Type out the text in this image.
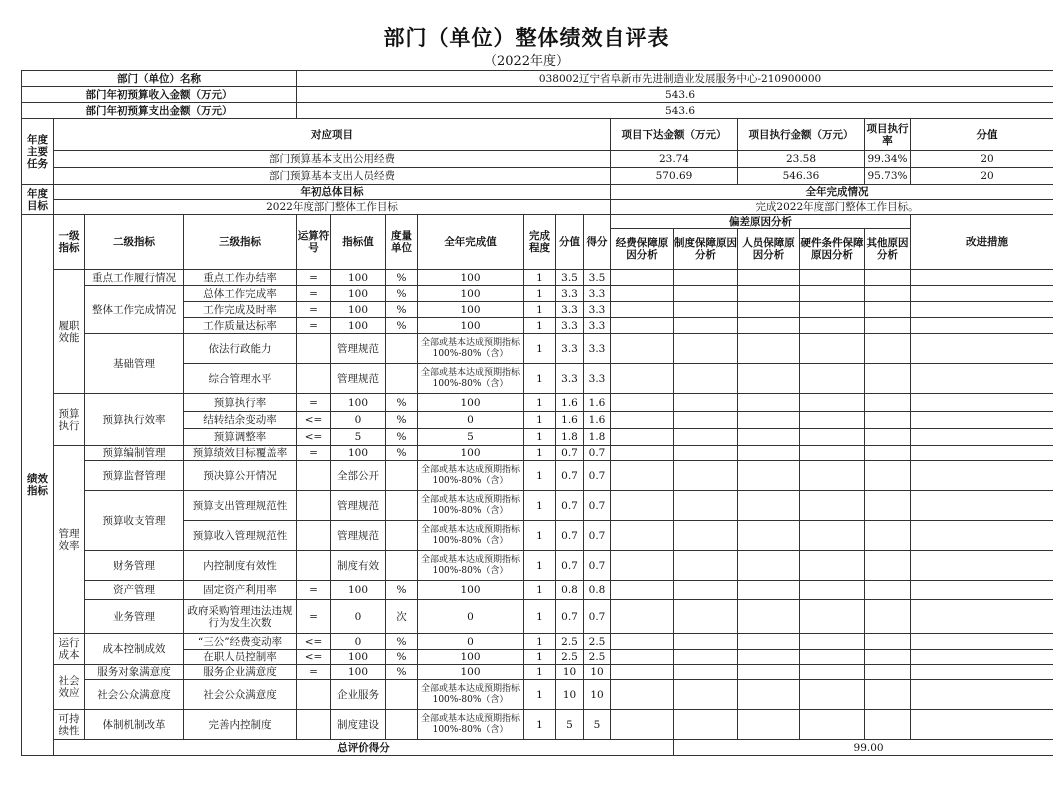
部门（单位）整体绩效自评表
（2022年度）
部门（单位）名称				038002辽宁省阜新市先进制造业发展服务中心-210900000													
部门年初预算收入金额（万元）				543.6													
部门年初预算支出金额（万元）				543.6													
年度主要任务	对应项目										项目下达金额（万元）		项目执行金额（万元）		项目执行率	分值	
	部门预算基本支出公用经费										23.74		23.58		99.34%	20	
	部门预算基本支出人员经费										570.69		546.36		95.73%	20	
年度目标	年初总体目标										全年完成情况						
	2022年度部门整体工作目标										完成2022年度部门整体工作目标。						
绩效指标	一级指标	二级指标	三级指标	运算符号	指标值	度量单位	全年完成值	完成程度	分值	得分	偏差原因分析					改进措施	
											经费保障原因分析	制度保障原因分析	人员保障原因分析	硬件条件保障原因分析	其他原因分析		
	履职效能	重点工作履行情况	重点工作办结率	=	100	%	100	1	3.5	3.5							
		整体工作完成情况	总体工作完成率	=	100	%	100	1	3.3	3.3							
			工作完成及时率	=	100	%	100	1	3.3	3.3							
			工作质量达标率	=	100	%	100	1	3.3	3.3							
		基础管理	依法行政能力		管理规范		全部或基本达成预期指标100%-80%（含）	1	3.3	3.3							
			综合管理水平		管理规范		全部或基本达成预期指标100%-80%（含）	1	3.3	3.3							
	预算执行	预算执行效率	预算执行率	=	100	%	100	1	1.6	1.6							
			结转结余变动率	<=	0	%	0	1	1.6	1.6							
			预算调整率	<=	5	%	5	1	1.8	1.8							
	管理效率	预算编制管理	预算绩效目标覆盖率	=	100	%	100	1	0.7	0.7							
		预算监督管理	预决算公开情况		全部公开		全部或基本达成预期指标100%-80%（含）	1	0.7	0.7							
		预算收支管理	预算支出管理规范性		管理规范		全部或基本达成预期指标100%-80%（含）	1	0.7	0.7							
			预算收入管理规范性		管理规范		全部或基本达成预期指标100%-80%（含）	1	0.7	0.7							
		财务管理	内控制度有效性		制度有效		全部或基本达成预期指标100%-80%（含）	1	0.7	0.7							
		资产管理	固定资产利用率	=	100	%	100	1	0.8	0.8							
		业务管理	政府采购管理违法违规行为发生次数	=	0	次	0	1	0.7	0.7							
	运行成本	成本控制成效	“三公”经费变动率	<=	0	%	0	1	2.5	2.5							
			在职人员控制率	<=	100	%	100	1	2.5	2.5							
	社会效应	服务对象满意度	服务企业满意度	=	100	%	100	1	10	10							
		社会公众满意度	社会公众满意度		企业服务		全部或基本达成预期指标100%-80%（含）	1	10	10							
	可持续性	体制机制改革	完善内控制度		制度建设		全部或基本达成预期指标100%-80%（含）	1	5	5							
	总评价得分											99.00					
